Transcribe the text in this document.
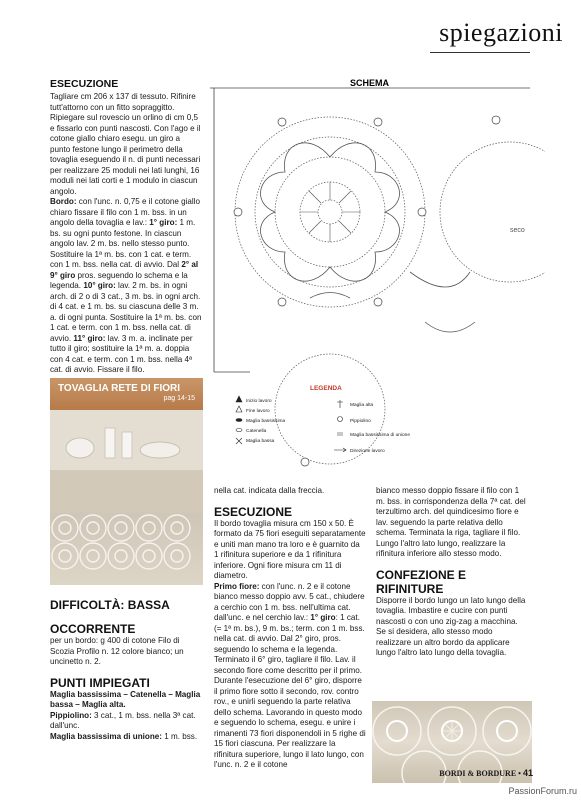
spiegazioni
ESECUZIONE

Tagliare cm 206 x 137 di tessuto. Rifinire tutt'attorno con un fitto sopraggitto. Ripiegare sul rovescio un orlino di cm 0,5 e fissarlo con punti nascosti. Con l'ago e il cotone giallo chiaro esegu. un giro a punto festone lungo il perimetro della tovaglia eseguendo il n. di punti necessari per realizzare 25 moduli nei lati lunghi, 16 moduli nei lati corti e 1 modulo in ciascun angolo.

Bordo: con l'unc. n. 0,75 e il cotone giallo chiaro fissare il filo con 1 m. bss. in un angolo della tovaglia e lav.: 1° giro: 1 m. bs. su ogni punto festone. In ciascun angolo lav. 2 m. bs. nello stesso punto. Sostituire la 1ª m. bs. con 1 cat. e term. con 1 m. bss. nella cat. di avvio. Dal 2° al 9° giro pros. seguendo lo schema e la legenda. 10° giro: lav. 2 m. bs. in ogni arch. di 2 o di 3 cat., 3 m. bs. in ogni arch. di 4 cat. e 1 m. bs. su ciascuna delle 3 m. a. di ogni punta. Sostituire la 1ª m. bs. con 1 cat. e term. con 1 m. bss. nella cat. di avvio. 11° giro: lav. 3 m. a. inclinate per tutto il giro; sostituire la 1ª m. a. doppia con 4 cat. e term. con 1 m. bss. nella 4ª cat. di avvio. Fissare il filo.

TOVAGLIA RETE DI FIORI
pag 14-15
DIFFICOLTÀ: BASSA
OCCORRENTE

per un bordo: g 400 di cotone Filo di Scozia Profilo n. 12 colore bianco; un uncinetto n. 2.

PUNTI IMPIEGATI

Maglia bassissima – Catenella – Maglia bassa – Maglia alta.
Pippiolino: 3 cat., 1 m. bss. nella 3ª cat. dall'unc.
Maglia bassissima di unione: 1 m. bss.

SCHEMA
seco
LEGENDA
Inizio lavoro
Fine lavoro
Maglia bassissima
Catenella
Maglia bassa
Maglia alta
Pippiolino
Maglia bassissima di unione
Direzione lavoro

nella cat. indicata dalla freccia.

ESECUZIONE

Il bordo tovaglia misura cm 150 x 50. È formato da 75 fiori eseguiti separatamente e uniti man mano tra loro e è guarnito da 1 rifinitura superiore e da 1 rifinitura inferiore. Ogni fiore misura cm 11 di diametro.

Primo fiore: con l'unc. n. 2 e il cotone bianco messo doppio avv. 5 cat., chiudere a cerchio con 1 m. bss. nell'ultima cat. dall'unc. e nel cerchio lav.: 1° giro: 1 cat. (= 1ª m. bs.), 9 m. bs.; term. con 1 m. bss. nella cat. di avvio. Dal 2° giro, pros. seguendo lo schema e la legenda. Terminato il 6° giro, tagliare il filo. Lav. il secondo fiore come descritto per il primo. Durante l'esecuzione del 6° giro, disporre il primo fiore sotto il secondo, rov. contro rov., e unirli seguendo la parte relativa dello schema. Lavorando in questo modo e seguendo lo schema, esegu. e unire i rimanenti 73 fiori disponendoli in 5 righe di 15 fiori ciascuna. Per realizzare la rifinitura superiore, lungo il lato lungo, con l'unc. n. 2 e il cotone

bianco messo doppio fissare il filo con 1 m. bss. in corrispondenza della 7ª cat. del terzultimo arch. del quindicesimo fiore e lav. seguendo la parte relativa dello schema. Terminata la riga, tagliare il filo. Lungo l'altro lato lungo, realizzare la rifinitura inferiore allo stesso modo.

CONFEZIONE E RIFINITURE

Disporre il bordo lungo un lato lungo della tovaglia. Imbastire e cucire con punti nascosti o con uno zig-zag a macchina. Se si desidera, allo stesso modo realizzare un altro bordo da applicare lungo l'altro lato lungo della tovaglia.

BORDI & BORDURE • 41
PassionForum.ru
